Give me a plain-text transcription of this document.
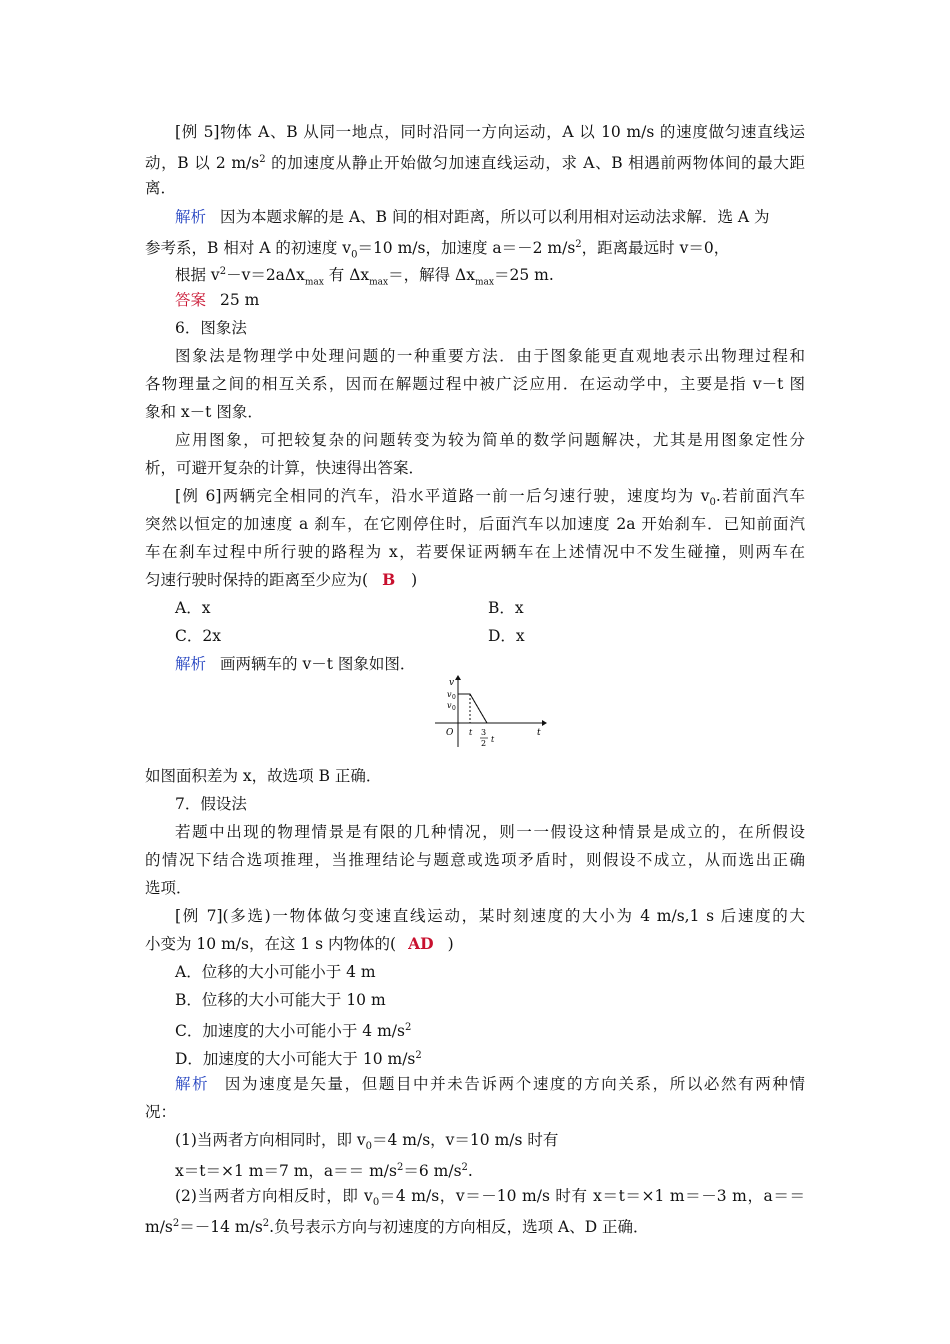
[例 5]物体 A、B 从同一地点，同时沿同一方向运动，A 以 10 m/s 的速度做匀速直线运
动，B 以 2 $m/s^2$ 的加速度从静止开始做匀加速直线运动，求 A、B 相遇前两物体间的最大距
离．
解析 因为本题求解的是 A、B 间的相对距离，所以可以利用相对运动法求解．选 A 为
参考系，B 相对 A 的初速度 $v_0=10$ m/s，加速度 a＝－2 $m/s^2$，距离最远时 v＝0，
根据 $v^2-v=2a\Delta x_{max}$ 有 $\Delta x_{max}=$，解得 $\Delta x_{max}=25$ m.
答案 25 m
6．图象法
图象法是物理学中处理问题的一种重要方法．由于图象能更直观地表示出物理过程和
各物理量之间的相互关系，因而在解题过程中被广泛应用．在运动学中，主要是指 v－t 图
象和 x－t 图象．
应用图象，可把较复杂的问题转变为较为简单的数学问题解决，尤其是用图象定性分
析，可避开复杂的计算，快速得出答案．
[例 6]两辆完全相同的汽车，沿水平道路一前一后匀速行驶，速度均为 $v_0$.若前面汽车
突然以恒定的加速度 a 刹车，在它刚停住时，后面汽车以加速度 2a 开始刹车．已知前面汽
车在刹车过程中所行驶的路程为 x，若要保证两辆车在上述情况中不发生碰撞，则两车在
匀速行驶时保持的距离至少应为( B )
A．x	B．x
C．2x	D．x
解析 画两辆车的 v－t 图象如图．
v
v 0
v 0
O t 3
2 t
t
如图面积差为 x，故选项 B 正确．
7．假设法
若题中出现的物理情景是有限的几种情况，则一一假设这种情景是成立的，在所假设
的情况下结合选项推理，当推理结论与题意或选项矛盾时，则假设不成立，从而选出正确
选项．
[例 7](多选)一物体做匀变速直线运动，某时刻速度的大小为 4 m/s,1 s 后速度的大
小变为 10 m/s，在这 1 s 内物体的( AD )
A．位移的大小可能小于 4 m
B．位移的大小可能大于 10 m
C．加速度的大小可能小于 4 $m/s^2$
D．加速度的大小可能大于 10 $m/s^2$
解析 因为速度是矢量，但题目中并未告诉两个速度的方向关系，所以必然有两种情
况：
(1)当两者方向相同时，即 $v_0=4$ m/s，v＝10 m/s 时有
x＝t＝×1 m＝7 m，$a== m/s^2=6$ $m/s^2$.
(2)当两者方向相反时，即 $v_0=4$ m/s，v＝－10 m/s 时有 x＝t＝×1 m＝－3 m，a＝＝
$m/s^2=-14$ $m/s^2$.负号表示方向与初速度的方向相反，选项 A、D 正确．
